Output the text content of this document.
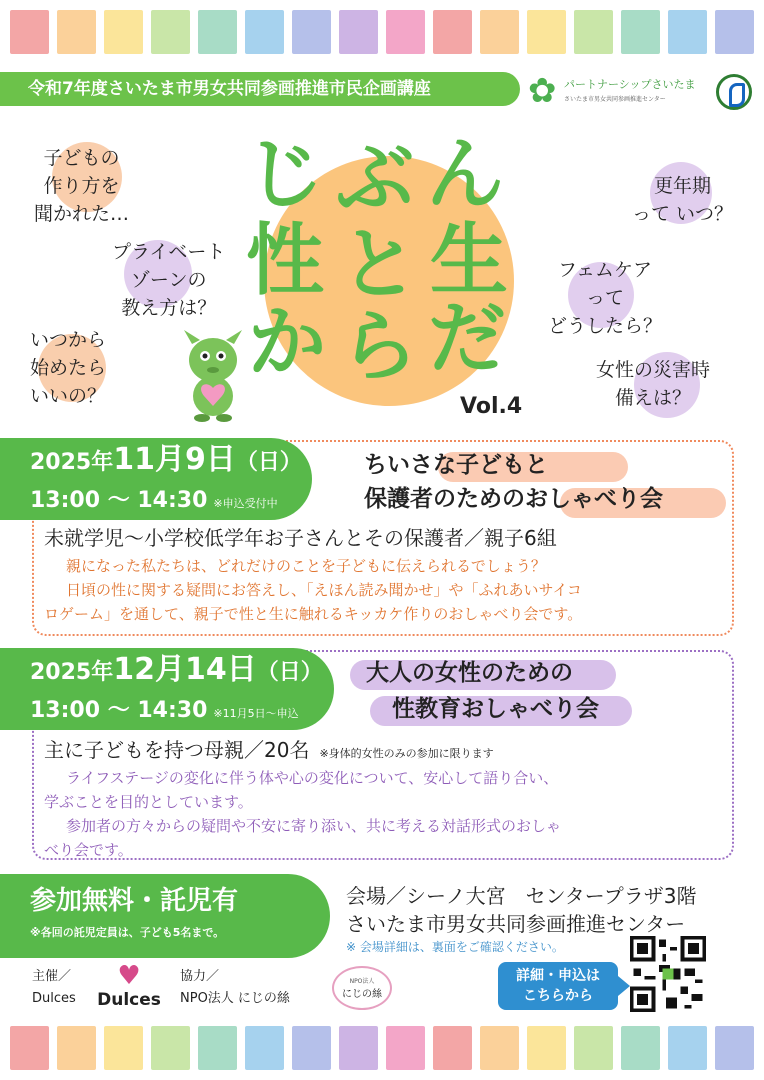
令和7年度さいたま市男女共同参画推進市民企画講座	✿ パートナーシップさいたま
さいたま市男女共同参画推進センター
じ ぶ ん
性 と 生
か ら だ
Vol.4
子どもの
作り方を
聞かれた…
プライベート
ゾーンの
教え方は？
いつから
始めたら
いいの？
更年期
って いつ？
フェムケア
って
どうしたら？
女性の災害時
備えは？
2025年11月9日（日）
13:00 〜 14:30 ※申込受付中
ちいさな子どもと
保護者のためのおしゃべり会
未就学児〜小学校低学年お子さんとその保護者／親子6組
親になった私たちは、どれだけのことを子どもに伝えられるでしょう？
日頃の性に関する疑問にお答えし、「えほん読み聞かせ」や「ふれあいサイコ
ロゲーム」を通して、親子で性と生に触れるキッカケ作りのおしゃべり会です。
2025年12月14日（日）
13:00 〜 14:30 ※11月5日〜申込
大人の女性のための
性教育おしゃべり会
主に子どもを持つ母親／20名 ※身体的女性のみの参加に限ります
ライフステージの変化に伴う体や心の変化について、安心して語り合い、
学ぶことを目的としています。
参加者の方々からの疑問や不安に寄り添い、共に考える対話形式のおしゃ
べり会です。
参加無料・託児有
※各回の託児定員は、子ども5名まで。
会場／シーノ大宮　センタープラザ3階
さいたま市男女共同参画推進センター
※ 会場詳細は、裏面をご確認ください。
主催／
Dulces
♥
Dulces
協力／
NPO法人 にじの絲
NPO法人
にじの絲
詳細・申込は
こちらから
